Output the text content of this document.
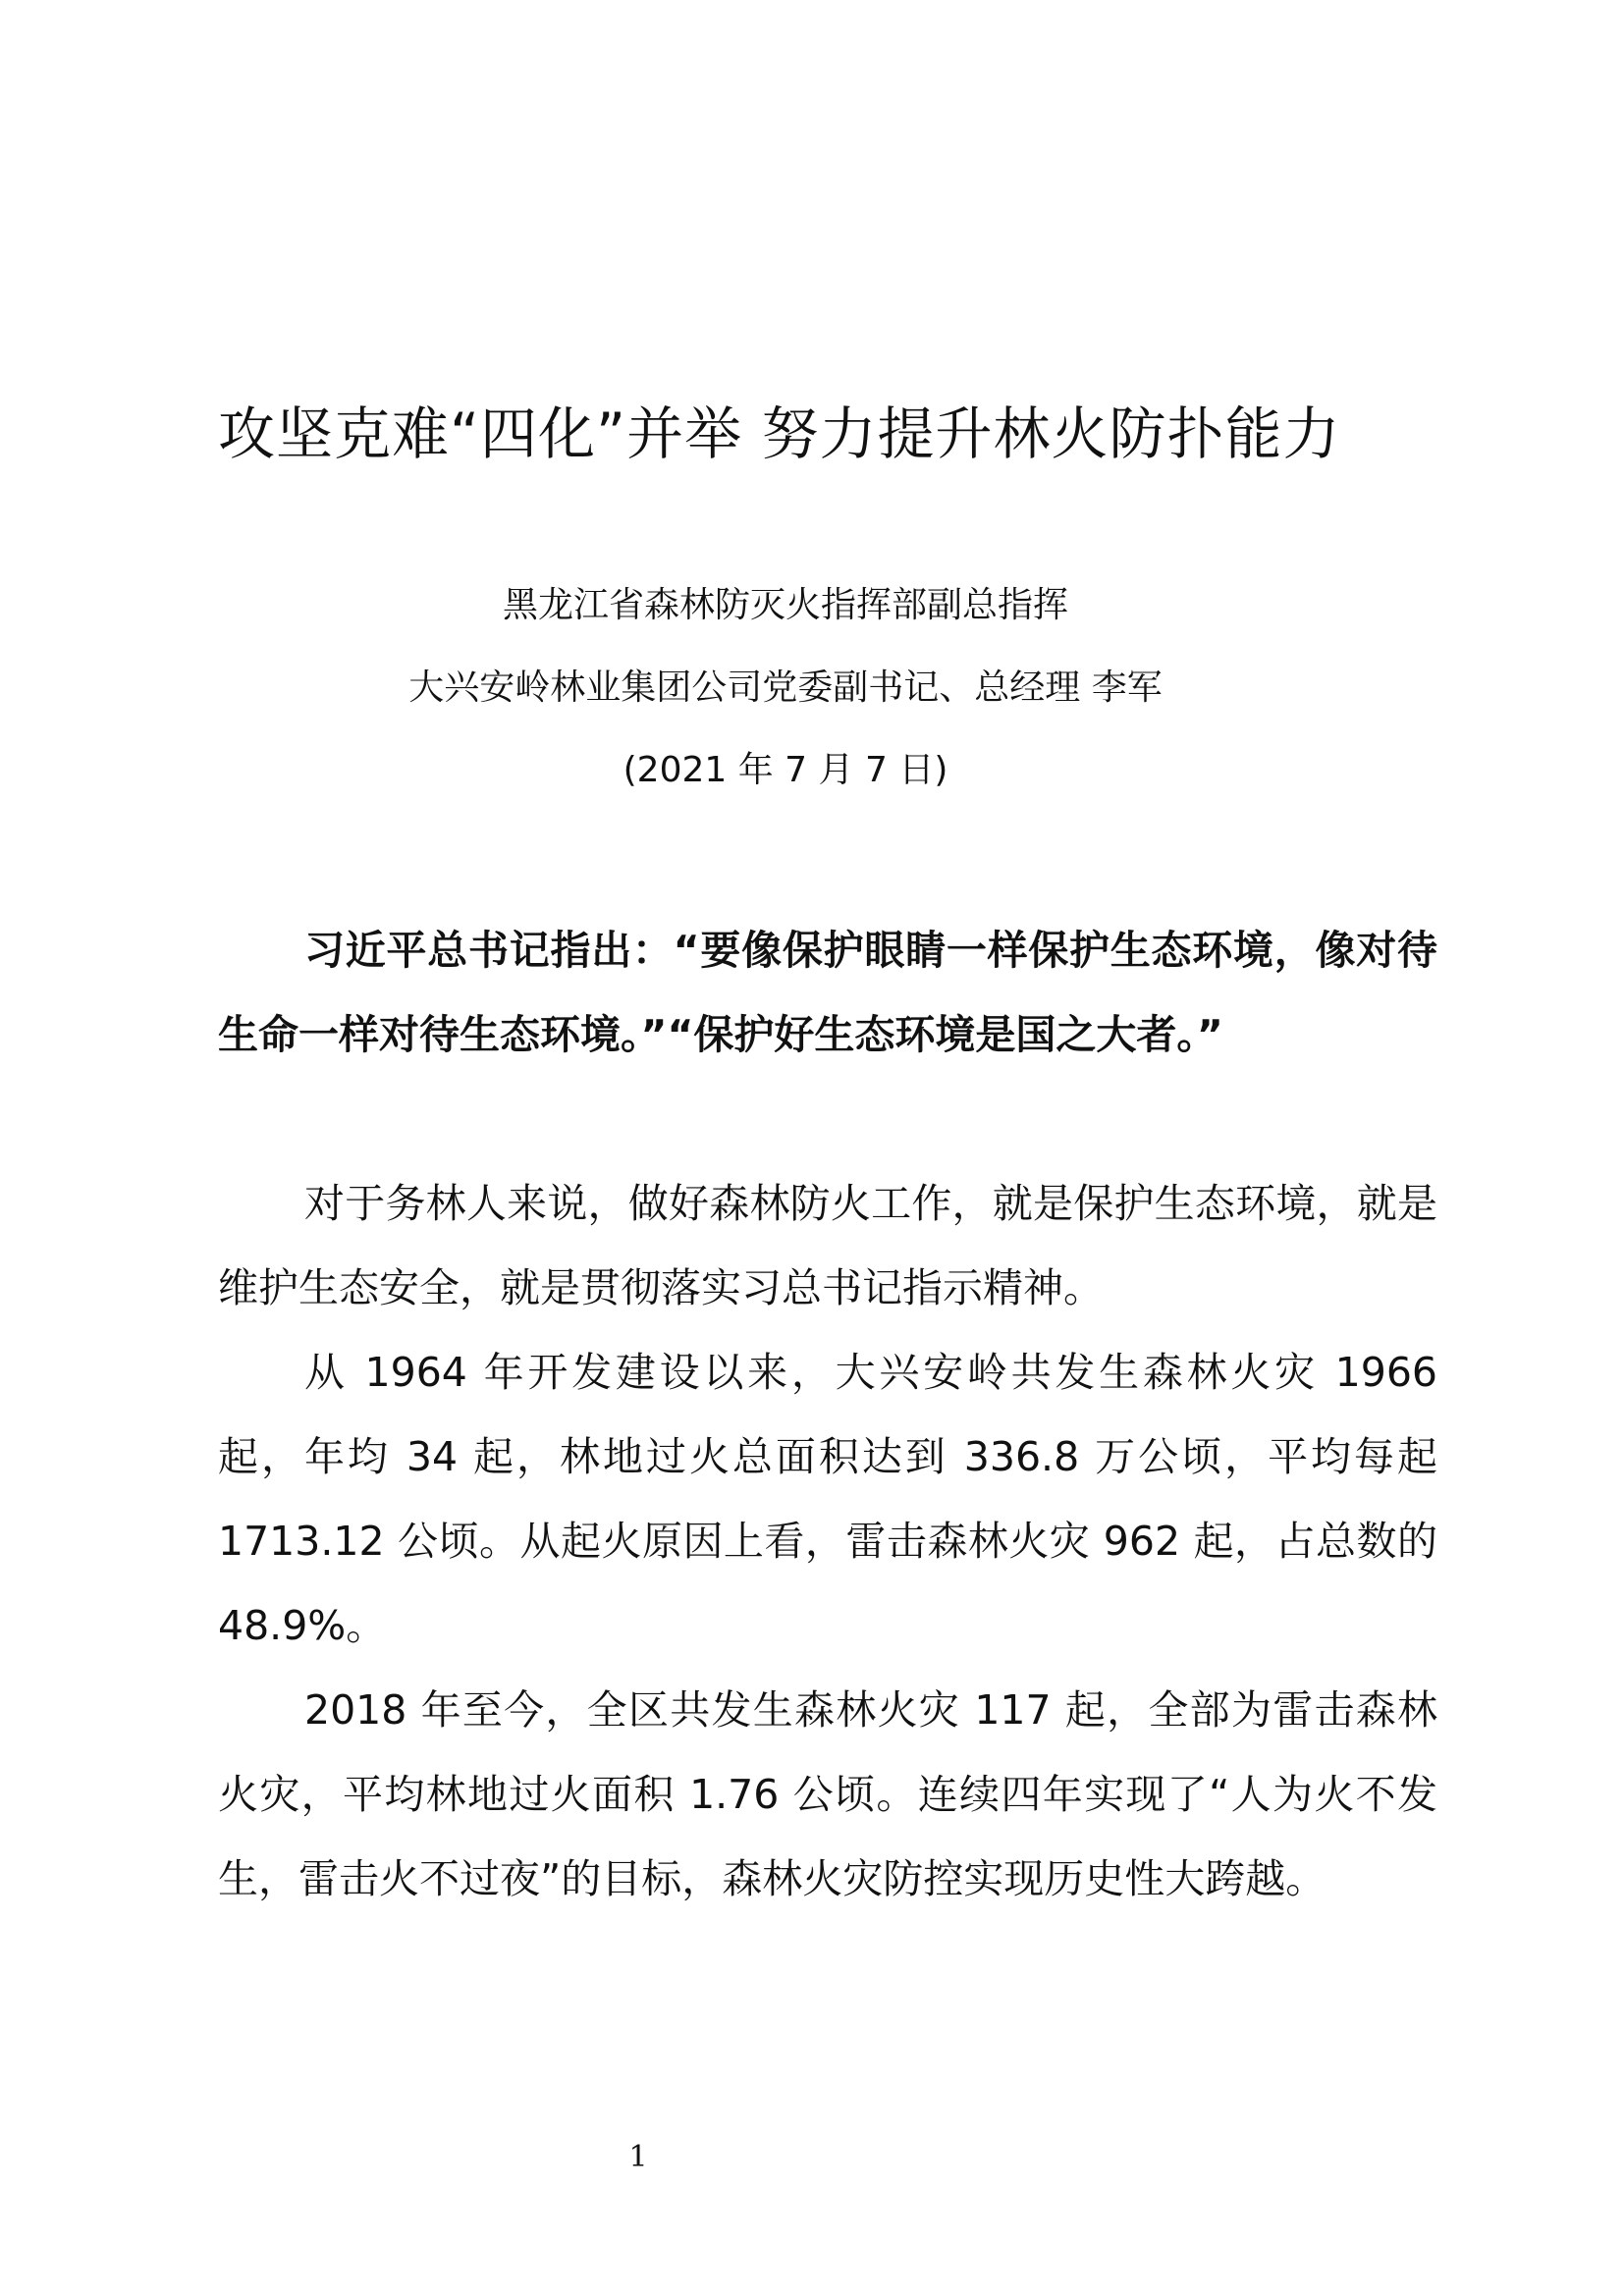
攻坚克难“四化”并举 努力提升林火防扑能力

黑龙江省森林防灭火指挥部副总指挥

大兴安岭林业集团公司党委副书记、总经理 李军

(2021 年 7 月 7 日)

习近平总书记指出：“要像保护眼睛一样保护生态环境，像对待生命一样对待生态环境。”“保护好生态环境是国之大者。”

对于务林人来说，做好森林防火工作，就是保护生态环境，就是维护生态安全，就是贯彻落实习总书记指示精神。

从 1964 年开发建设以来，大兴安岭共发生森林火灾 1966 起，年均 34 起，林地过火总面积达到 336.8 万公顷，平均每起 1713.12 公顷。从起火原因上看，雷击森林火灾 962 起，占总数的 48.9%。

2018 年至今，全区共发生森林火灾 117 起，全部为雷击森林火灾，平均林地过火面积 1.76 公顷。连续四年实现了“人为火不发生，雷击火不过夜”的目标，森林火灾防控实现历史性大跨越。

1
